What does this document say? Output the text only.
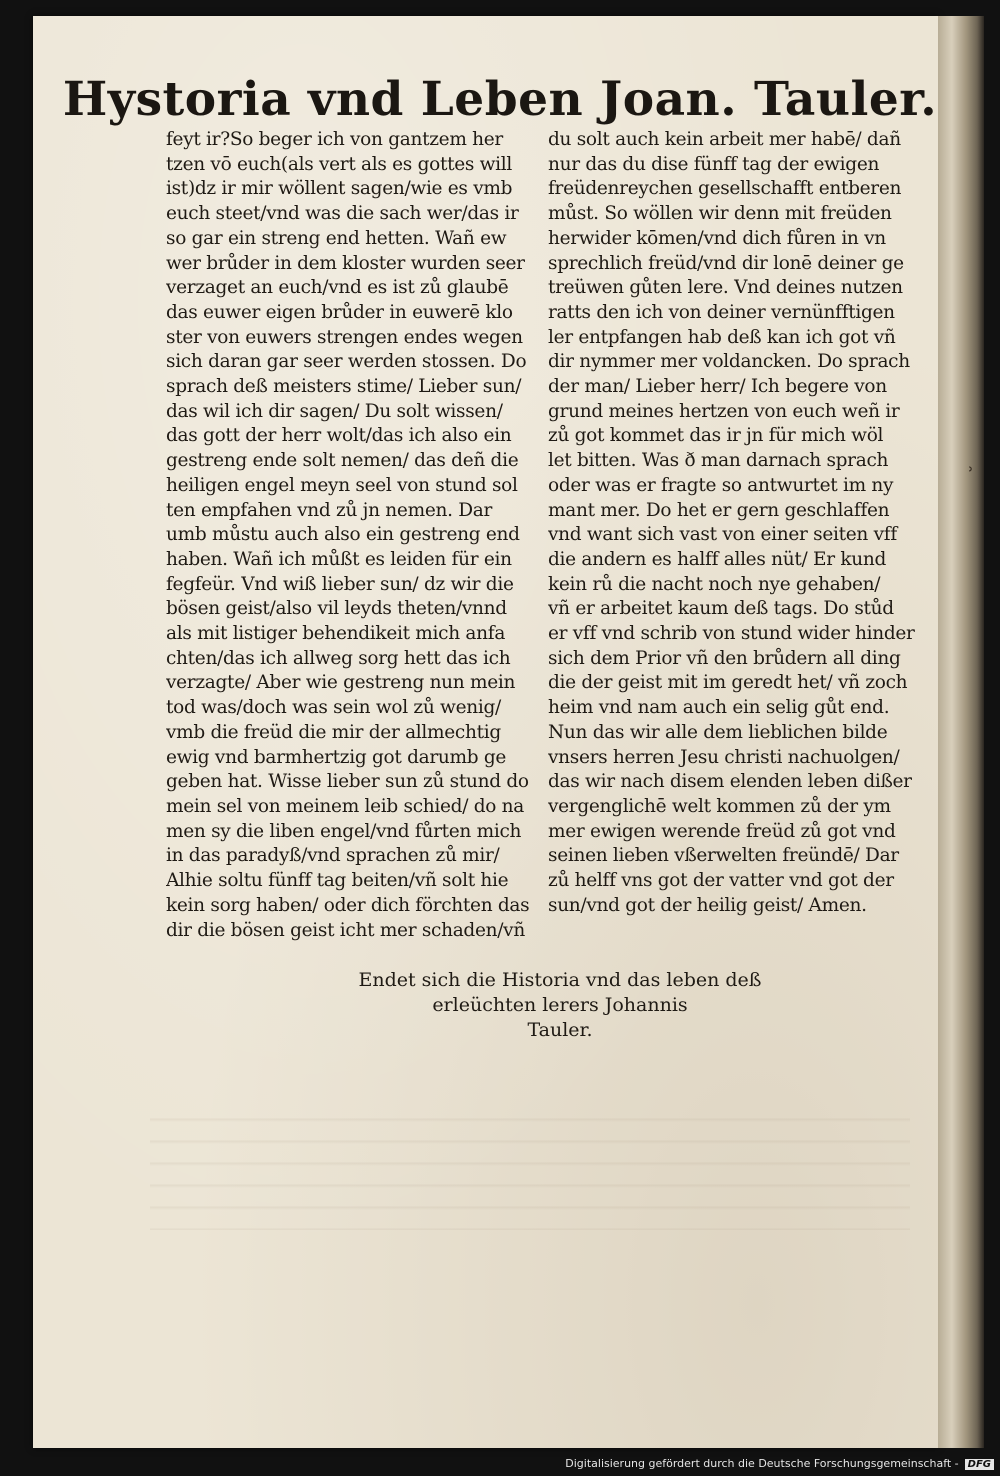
Hystoria vnd Leben Joan. Tauler.
feyt ir?So beger ich von gantzem her
tzen vō euch(als vert als es gottes will
ist)dz ir mir wöllent sagen/wie es vmb
euch steet/vnd was die sach wer/das ir
so gar ein streng end hetten. Wañ ew
wer brůder in dem kloster wurden seer
verzaget an euch/vnd es ist zů glaubē
das euwer eigen brůder in euwerē klo
ster von euwers strengen endes wegen
sich daran gar seer werden stossen. Do
sprach deß meisters stime/ Lieber sun/
das wil ich dir sagen/ Du solt wissen/
das gott der herr wolt/das ich also ein
gestreng ende solt nemen/ das deñ die
heiligen engel meyn seel von stund sol
ten empfahen vnd zů jn nemen. Dar
umb můstu auch also ein gestreng end
haben. Wañ ich můßt es leiden für ein
fegfeür. Vnd wiß lieber sun/ dz wir die
bösen geist/also vil leyds theten/vnnd
als mit listiger behendikeit mich anfa
chten/das ich allweg sorg hett das ich
verzagte/ Aber wie gestreng nun mein
tod was/doch was sein wol zů wenig/
vmb die freüd die mir der allmechtig
ewig vnd barmhertzig got darumb ge
geben hat. Wisse lieber sun zů stund do
mein sel von meinem leib schied/ do na
men sy die liben engel/vnd fůrten mich
in das paradyß/vnd sprachen zů mir/
Alhie soltu fünff tag beiten/vñ solt hie
kein sorg haben/ oder dich förchten das
dir die bösen geist icht mer schaden/vñ
du solt auch kein arbeit mer habē/ dañ
nur das du dise fünff tag der ewigen
freüdenreychen gesellschafft entberen
můst. So wöllen wir denn mit freüden
herwider kōmen/vnd dich fůren in vn
sprechlich freüd/vnd dir lonē deiner ge
treüwen gůten lere. Vnd deines nutzen
ratts den ich von deiner vernünfftigen
ler entpfangen hab deß kan ich got vñ
dir nymmer mer voldancken. Do sprach
der man/ Lieber herr/ Ich begere von
grund meines hertzen von euch weñ ir
zů got kommet das ir jn für mich wöl
let bitten. Was ð man darnach sprach
oder was er fragte so antwurtet im ny
mant mer. Do het er gern geschlaffen
vnd want sich vast von einer seiten vff
die andern es halff alles nüt/ Er kund
kein rů die nacht noch nye gehaben/
vñ er arbeitet kaum deß tags. Do stůd
er vff vnd schrib von stund wider hinder
sich dem Prior vñ den brůdern all ding
die der geist mit im geredt het/ vñ zoch
heim vnd nam auch ein selig gůt end.
Nun das wir alle dem lieblichen bilde
vnsers herren Jesu christi nachuolgen/
das wir nach disem elenden leben dißer
vergenglichē welt kommen zů der ym
mer ewigen werende freüd zů got vnd
seinen lieben vßerwelten freündē/ Dar
zů helff vns got der vatter vnd got der
sun/vnd got der heilig geist/ Amen.
Endet sich die Historia vnd das leben deß
erleüchten lerers Johannis
Tauler.
ʾ
Digitalisierung gefördert durch die Deutsche Forschungsgemeinschaft - DFG
